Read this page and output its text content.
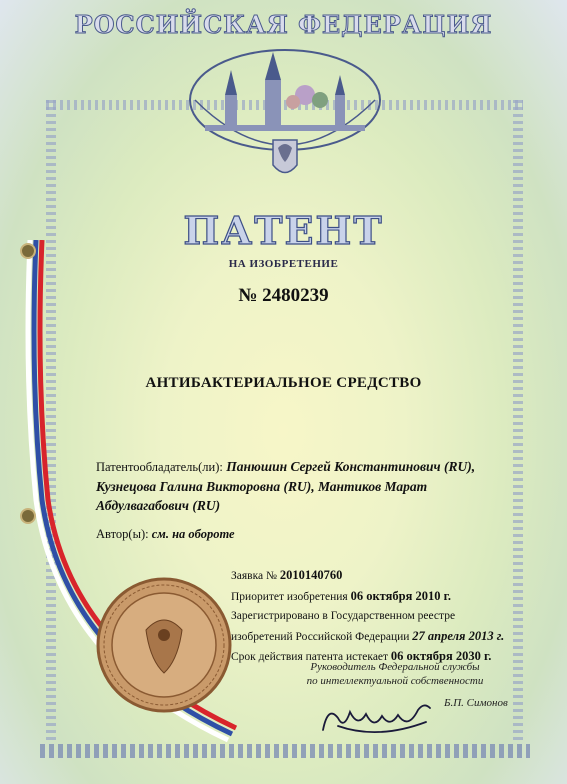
РОССИЙСКАЯ ФЕДЕРАЦИЯ
ПАТЕНТ
НА ИЗОБРЕТЕНИЕ
№ 2480239
АНТИБАКТЕРИАЛЬНОЕ СРЕДСТВО
Патентообладатель(ли): Панюшин Сергей Константинович (RU),
Кузнецова Галина Викторовна (RU), Мантиков Марат
Абдулвагабович (RU)
Автор(ы): см. на обороте
Заявка № 2010140760
Приоритет изобретения 06 октября 2010 г.
Зарегистрировано в Государственном реестре
изобретений Российской Федерации 27 апреля 2013 г.
Срок действия патента истекает 06 октября 2030 г.
Руководитель Федеральной службы
по интеллектуальной собственности
Б.П. Симонов
